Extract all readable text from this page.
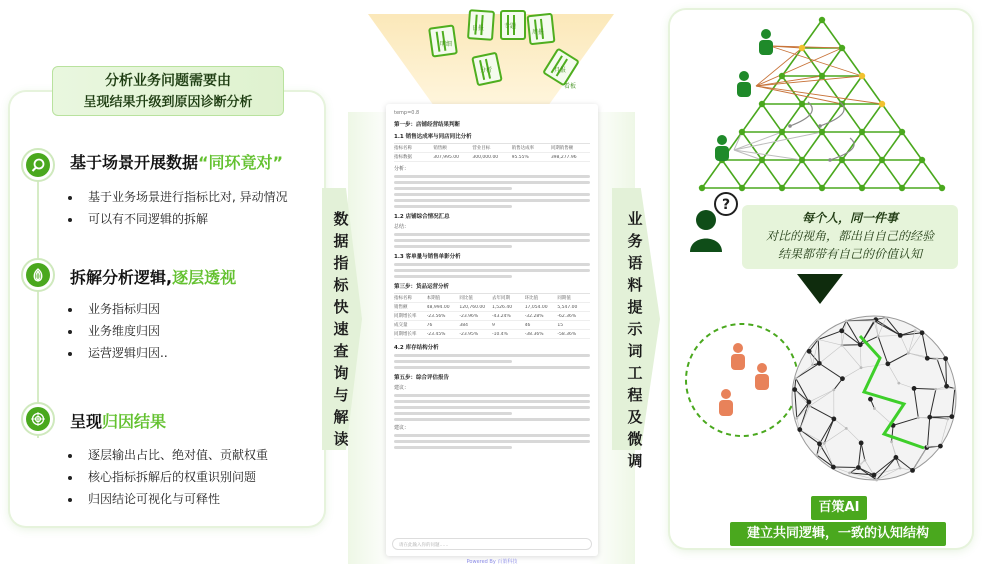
分析业务问题需要由
呈现结果升级到原因诊断分析
基于场景开展数据“同环竟对”
基于业务场景进行指标比对, 异动情况
可以有不同逻辑的拆解
拆解分析逻辑,逐层透视
业务指标归因
业务维度归因
运营逻辑归因..
呈现归因结果
逐层输出占比、绝对值、贡献权重
核心指标拆解后的权重识别问题
归因结论可视化与可释性
明细
日报	专题
周报
分析	月报
看板
数据指标快速查询与解读
业务语料提示词工程及微调
temp=0.8
第一步：店铺经营结果判断
1.1 销售达成率与同店同比分析
指标名称	销售额	营业目标	销售达成率	同期销售额
指标数据	307,995.00	300,000.00	95.55%	398,277.96
分析：
1.2 店铺综合情况汇总
总结：
1.3 客单量与销售单影分析
第三步：货品运营分析
指标名称	本期值	同比值	去年同期	环比值	同期值
销售额	48,994.00	120,760.00	1,526.40	17,054.00	5,547.00
同期增长率	-23.56%	-23.96%	-43.24%	-32.28%	-62.36%
成交量	76	384	9	46	15
同期增长率	-23.45%	-23.95%	-10.4%	-38.36%	-58.36%
4.2 库存结构分析
第五步：综合评估报告
建议：
建议：
请在此输入你的问题……
Powered By 百策科技
?
每个人，同一件事
对比的视角，都出自自己的经验
结果都带有自己的价值认知
百策AI
建立共同逻辑，一致的认知结构
